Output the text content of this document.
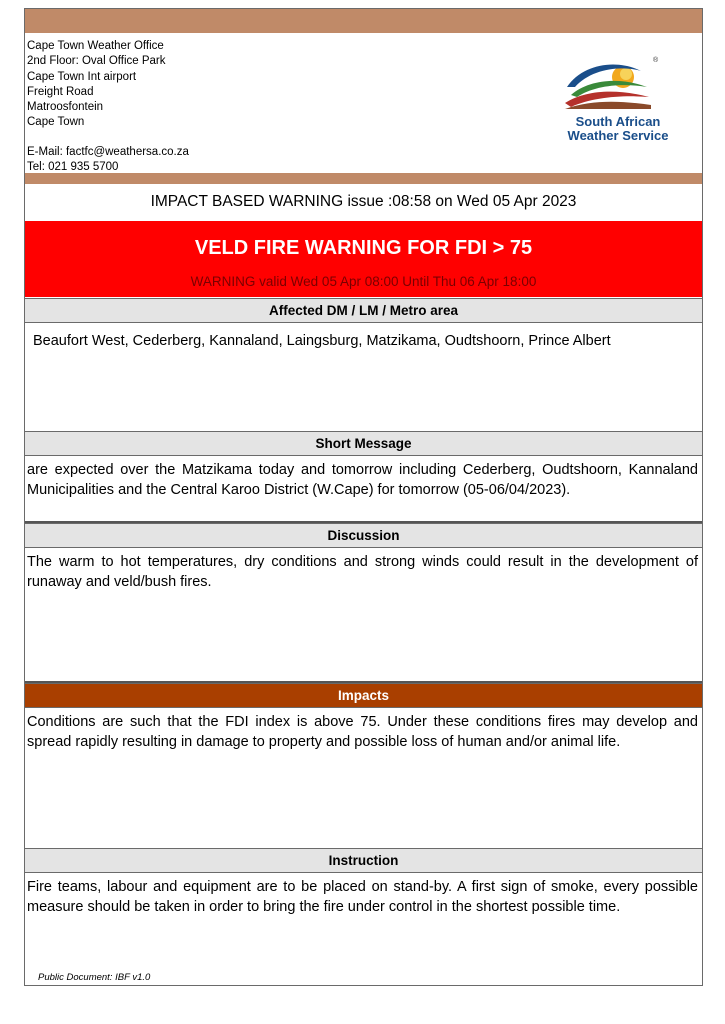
Cape Town Weather Office
2nd Floor: Oval Office Park
Cape Town Int airport
Freight Road
Matroosfontein
Cape Town
E-Mail: factfc@weathersa.co.za
Tel: 021 935 5700
®
South African
Weather Service
IMPACT BASED WARNING issue :08:58 on Wed 05 Apr 2023
VELD FIRE WARNING FOR FDI > 75
WARNING valid Wed 05 Apr 08:00 Until Thu 06 Apr 18:00
Affected DM / LM / Metro area
Beaufort West, Cederberg, Kannaland, Laingsburg, Matzikama, Oudtshoorn, Prince Albert
Short Message
are expected over the Matzikama today and tomorrow including Cederberg, Oudtshoorn, Kannaland Municipalities and the Central Karoo District (W.Cape) for tomorrow (05-06/04/2023).
Discussion
The warm to hot temperatures, dry conditions and strong winds could result in the development of runaway and veld/bush fires.
Impacts
Conditions are such that the FDI index is above 75. Under these conditions fires may develop and spread rapidly resulting in damage to property and possible loss of human and/or animal life.
Instruction
Fire teams, labour and equipment are to be placed on stand-by. A first sign of smoke, every possible measure should be taken in order to bring the fire under control in the shortest possible time.
Public Document: IBF v1.0
